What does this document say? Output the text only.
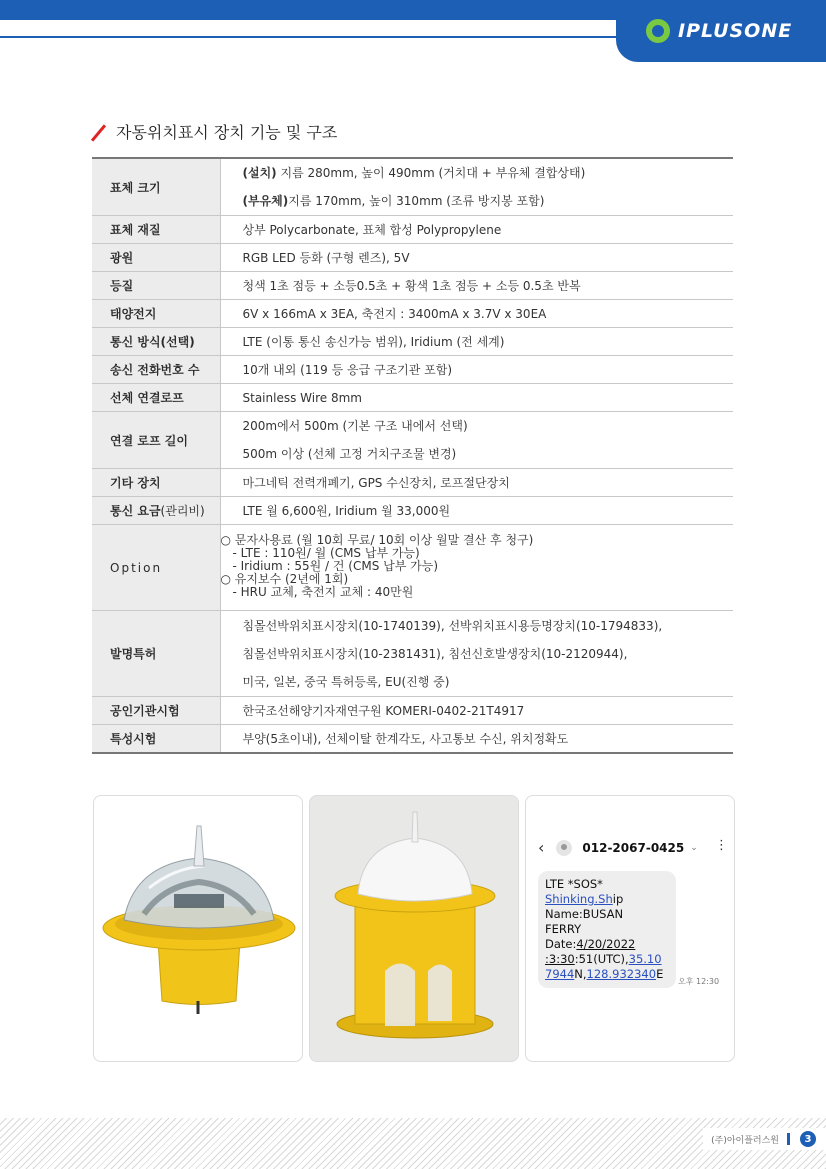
IPLUSONE
자동위치표시 장치 기능 및 구조
표체 크기	(설치) 지름 280mm, 높이 490mm (거치대 + 부유체 결합상태)
(부유체)지름 170mm, 높이 310mm (조류 방지봉 포함)

표체 재질	상부 Polycarbonate, 표체 합성 Polypropylene
광원	RGB LED 등화 (구형 렌즈), 5V
등질	청색 1초 점등 + 소등0.5초 + 황색 1초 점등 + 소등 0.5초 반복
태양전지	6V x 166mA x 3EA, 축전지 : 3400mA x 3.7V x 30EA
통신 방식(선택)	LTE (이통 통신 송신가능 범위), Iridium (전 세계)
송신 전화번호 수	10개 내외 (119 등 응급 구조기관 포함)
선체 연결로프	Stainless Wire 8mm
연결 로프 길이	200m에서 500m (기본 구조 내에서 선택)
500m 이상 (선체 고정 거치구조물 변경)

기타 장치	마그네틱 전력개폐기, GPS 수신장치, 로프절단장치
통신 요금(관리비)	LTE 월 6,600원, Iridium 월 33,000원
Option	○ 문자사용료 (월 10회 무료/ 10회 이상 월말 결산 후 청구)
- LTE : 110원/ 월 (CMS 납부 가능)
- Iridium : 55원 / 건 (CMS 납부 가능)
○ 유지보수 (2년에 1회)
- HRU 교체, 축전지 교체 : 40만원

발명특허	침몰선박위치표시장치(10-1740139), 선박위치표시용등명장치(10-1794833),
침몰선박위치표시장치(10-2381431), 침선신호발생장치(10-2120944),
미국, 일본, 중국 특허등록, EU(진행 중)

공인기관시험	한국조선해양기자재연구원 KOMERI-0402-21T4917
특성시험	부양(5초이내), 선체이탈 한계각도, 사고통보 수신, 위치정확도
‹	012-2067-0425 ⌄ ⋮
LTE *SOS*
Shinking.Ship
Name:BUSAN
FERRY
Date:4/20/2022
:3:30:51(UTC),35.10
7944N,128.932340E
오후 12:30
(주)아이플러스원	3
